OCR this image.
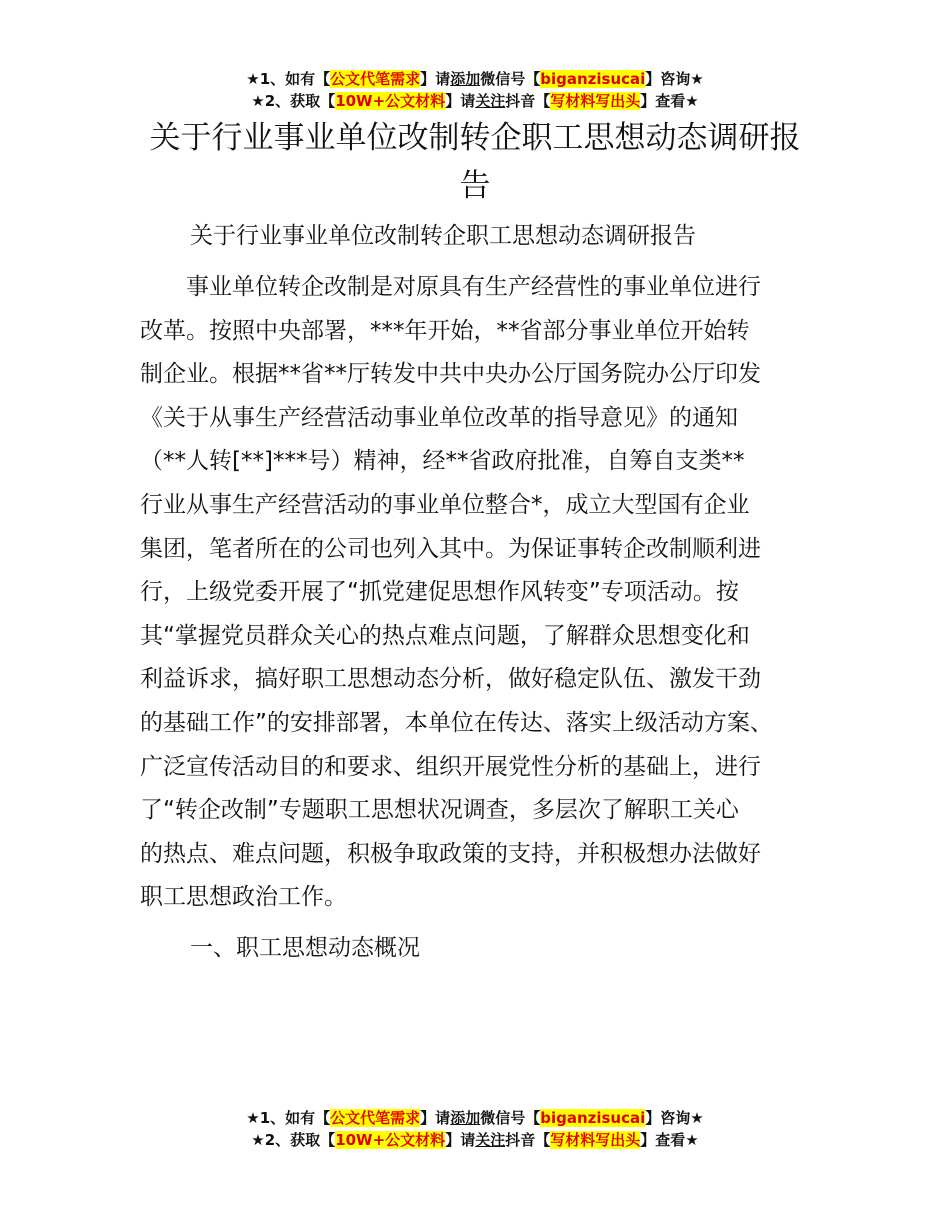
★1、如有【公文代笔需求】请添加微信号【biganzisucai】咨询★
★2、获取【10W+公文材料】请关注抖音【写材料写出头】查看★
关于行业事业单位改制转企职工思想动态调研报告
关于行业事业单位改制转企职工思想动态调研报告
　　事业单位转企改制是对原具有生产经营性的事业单位进行
改革。按照中央部署，***年开始，**省部分事业单位开始转
制企业。根据**省**厅转发中共中央办公厅国务院办公厅印发
《关于从事生产经营活动事业单位改革的指导意见》的通知
（**人转[**]***号）精神，经**省政府批准，自筹自支类**
行业从事生产经营活动的事业单位整合*，成立大型国有企业
集团，笔者所在的公司也列入其中。为保证事转企改制顺利进
行，上级党委开展了“抓党建促思想作风转变”专项活动。按
其“掌握党员群众关心的热点难点问题，了解群众思想变化和
利益诉求，搞好职工思想动态分析，做好稳定队伍、激发干劲
的基础工作”的安排部署，本单位在传达、落实上级活动方案、
广泛宣传活动目的和要求、组织开展党性分析的基础上，进行
了“转企改制”专题职工思想状况调查，多层次了解职工关心
的热点、难点问题，积极争取政策的支持，并积极想办法做好
职工思想政治工作。
一、职工思想动态概况
★1、如有【公文代笔需求】请添加微信号【biganzisucai】咨询★
★2、获取【10W+公文材料】请关注抖音【写材料写出头】查看★
